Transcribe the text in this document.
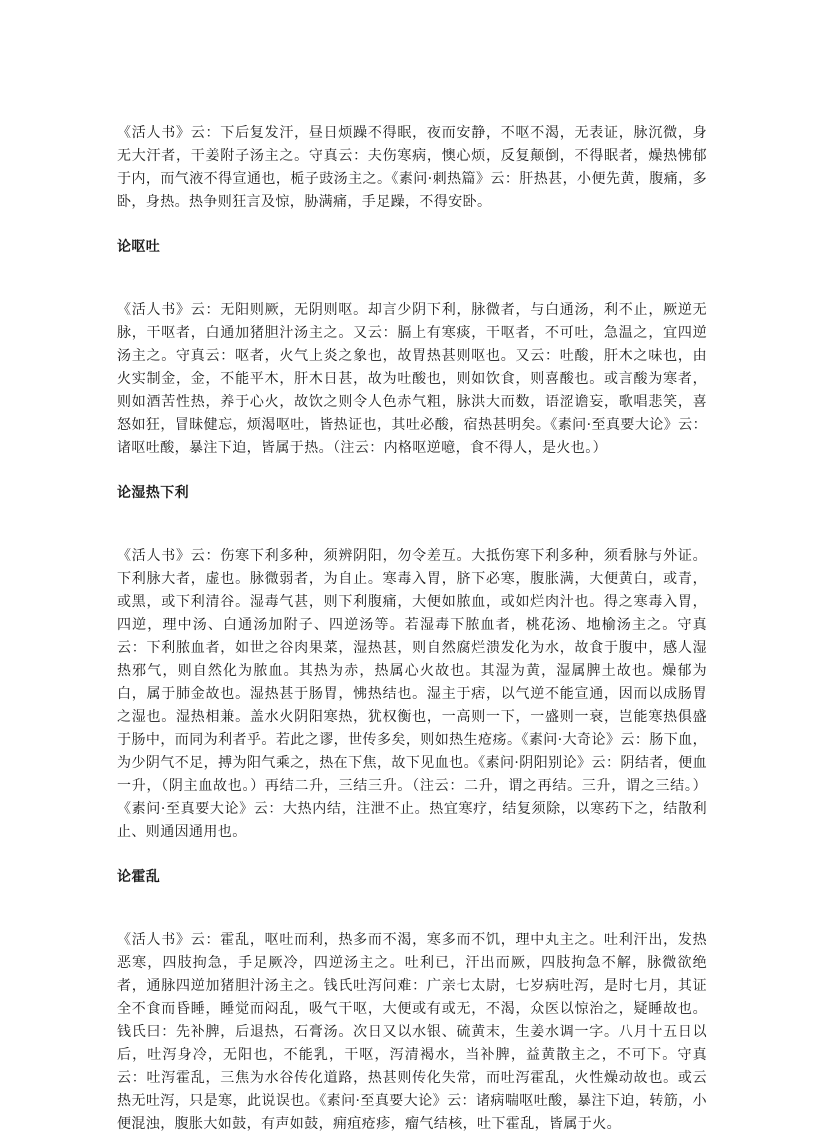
《活人书》云：下后复发汗，昼日烦躁不得眠，夜而安静，不呕不渴，无表证，脉沉微，身无大汗者，干姜附子汤主之。守真云：夫伤寒病，懊心烦，反复颠倒，不得眠者，燥热怫郁于内，而气液不得宣通也，栀子豉汤主之。《素问·刺热篇》云：肝热甚，小便先黄，腹痛，多卧，身热。热争则狂言及惊，胁满痛，手足躁，不得安卧。

论呕吐

《活人书》云：无阳则厥，无阴则呕。却言少阴下利，脉微者，与白通汤，利不止，厥逆无脉，干呕者，白通加猪胆汁汤主之。又云：膈上有寒痰，干呕者，不可吐，急温之，宜四逆汤主之。守真云：呕者，火气上炎之象也，故胃热甚则呕也。又云：吐酸，肝木之味也，由火实制金，金，不能平木，肝木日甚，故为吐酸也，则如饮食，则喜酸也。或言酸为寒者，则如酒苦性热，养于心火，故饮之则令人色赤气粗，脉洪大而数，语涩谵妄，歌唱悲笑，喜怒如狂，冒昧健忘，烦渴呕吐，皆热证也，其吐必酸，宿热甚明矣。《素问·至真要大论》云：诸呕吐酸，暴注下迫，皆属于热。（注云：内格呕逆噫，食不得人，是火也。）

论湿热下利

《活人书》云：伤寒下利多种，须辨阴阳，勿令差互。大抵伤寒下利多种，须看脉与外证。下利脉大者，虚也。脉微弱者，为自止。寒毒入胃，脐下必寒，腹胀满，大便黄白，或青，或黑，或下利清谷。湿毒气甚，则下利腹痛，大便如脓血，或如烂肉汁也。得之寒毒入胃，四逆，理中汤、白通汤加附子、四逆汤等。若湿毒下脓血者，桃花汤、地榆汤主之。守真云：下利脓血者，如世之谷肉果菜，湿热甚，则自然腐烂溃发化为水，故食于腹中，感人湿热邪气，则自然化为脓血。其热为赤，热属心火故也。其湿为黄，湿属脾土故也。燥郁为白，属于肺金故也。湿热甚于肠胃，怫热结也。湿主于痞，以气逆不能宣通，因而以成肠胃之湿也。湿热相兼。盖水火阴阳寒热，犹权衡也，一高则一下，一盛则一衰，岂能寒热俱盛于肠中，而同为利者乎。若此之谬，世传多矣，则如热生疮疡。《素问·大奇论》云：肠下血，为少阴气不足，搏为阳气乘之，热在下焦，故下见血也。《素问·阴阳别论》云：阴结者，便血一升，（阴主血故也。）再结二升，三结三升。（注云：二升，谓之再结。三升，谓之三结。）《素问·至真要大论》云：大热内结，注泄不止。热宜寒疗，结复须除，以寒药下之，结散利止、则通因通用也。

论霍乱

《活人书》云：霍乱，呕吐而利，热多而不渴，寒多而不饥，理中丸主之。吐利汗出，发热恶寒，四肢拘急，手足厥冷，四逆汤主之。吐利已，汗出而厥，四肢拘急不解，脉微欲绝者，通脉四逆加猪胆汁汤主之。钱氏吐泻问难：广亲七太尉，七岁病吐泻，是时七月，其证全不食而昏睡，睡觉而闷乱，吸气干呕，大便或有或无，不渴，众医以惊治之，疑睡故也。钱氏曰：先补脾，后退热，石膏汤。次日又以水银、硫黄末，生姜水调一字。八月十五日以后，吐泻身冷，无阳也，不能乳，干呕，泻清褐水，当补脾，益黄散主之，不可下。守真云：吐泻霍乱，三焦为水谷传化道路，热甚则传化失常，而吐泻霍乱，火性燥动故也。或云热无吐泻，只是寒，此说误也。《素问·至真要大论》云：诸病喘呕吐酸，暴注下迫，转筋，小便混浊，腹胀大如鼓，有声如鼓，痈疽疮疹，瘤气结核，吐下霍乱，皆属于火。
